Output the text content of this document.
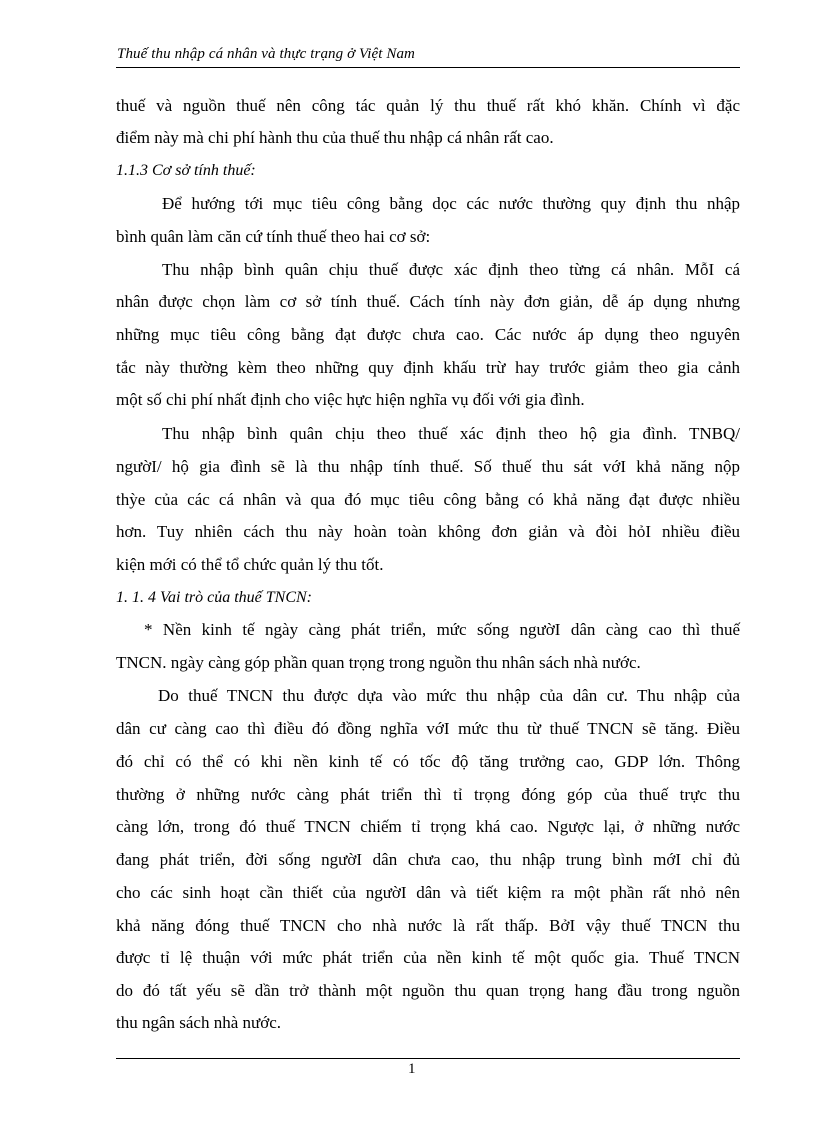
Thuế thu nhập cá nhân và thực trạng ở Việt Nam
thuế và nguồn thuế nên công tác quản lý thu thuế rất khó khăn. Chính vì đặc
điểm này mà chi phí hành thu của thuế thu nhập cá nhân rất cao.
1.1.3 Cơ sở tính thuế:
Để hướng tới mục tiêu công bằng dọc các nước thường quy định thu nhập
bình quân làm căn cứ tính thuế theo hai cơ sở:
Thu nhập bình quân chịu thuế được xác định theo từng cá nhân. MỗI cá
nhân được chọn làm cơ sở tính thuế. Cách tính này đơn giản, dễ áp dụng nhưng
những mục tiêu công bằng đạt được chưa cao. Các nước áp dụng theo nguyên
tắc này thường kèm theo những quy định khấu trừ hay trước giảm theo gia cảnh
một số chi phí nhất định cho việc hực hiện nghĩa vụ đối với gia đình.
Thu nhập bình quân chịu theo thuế xác định theo hộ gia đình. TNBQ/
ngườI/ hộ gia đình sẽ là thu nhập tính thuế. Số thuế thu sát vớI khả năng nộp
thỳe của các cá nhân và qua đó mục tiêu công bằng có khả năng đạt được nhiều
hơn. Tuy nhiên cách thu này hoàn toàn không đơn giản và đòi hỏI nhiều điều
kiện mới có thể tổ chức quản lý thu tốt.
1. 1. 4 Vai trò của thuế TNCN:
* Nền kinh tế ngày càng phát triển, mức sống ngườI dân càng cao thì thuế
TNCN. ngày càng góp phần quan trọng trong nguồn thu nhân sách nhà nước.
Do thuế TNCN thu được dựa vào mức thu nhập của dân cư. Thu nhập của
dân cư càng cao thì điều đó đồng nghĩa vớI mức thu từ thuế TNCN sẽ tăng. Điều
đó chỉ có thể có khi nền kinh tế có tốc độ tăng trưởng cao, GDP lớn. Thông
thường ở những nước càng phát triển thì tỉ trọng đóng góp của thuế trực thu
càng lớn, trong đó thuế TNCN chiếm tỉ trọng khá cao. Ngược lại, ở những nước
đang phát triển, đời sống ngườI dân chưa cao, thu nhập trung bình mớI chỉ đủ
cho các sinh hoạt cần thiết của ngườI dân và tiết kiệm ra một phần rất nhỏ nên
khả năng đóng thuế TNCN cho nhà nước là rất thấp. BởI vậy thuế TNCN thu
được tỉ lệ thuận với mức phát triển của nền kinh tế một quốc gia. Thuế TNCN
do đó tất yếu sẽ dần trở thành một nguồn thu quan trọng hang đầu trong nguồn
thu ngân sách nhà nước.
1
